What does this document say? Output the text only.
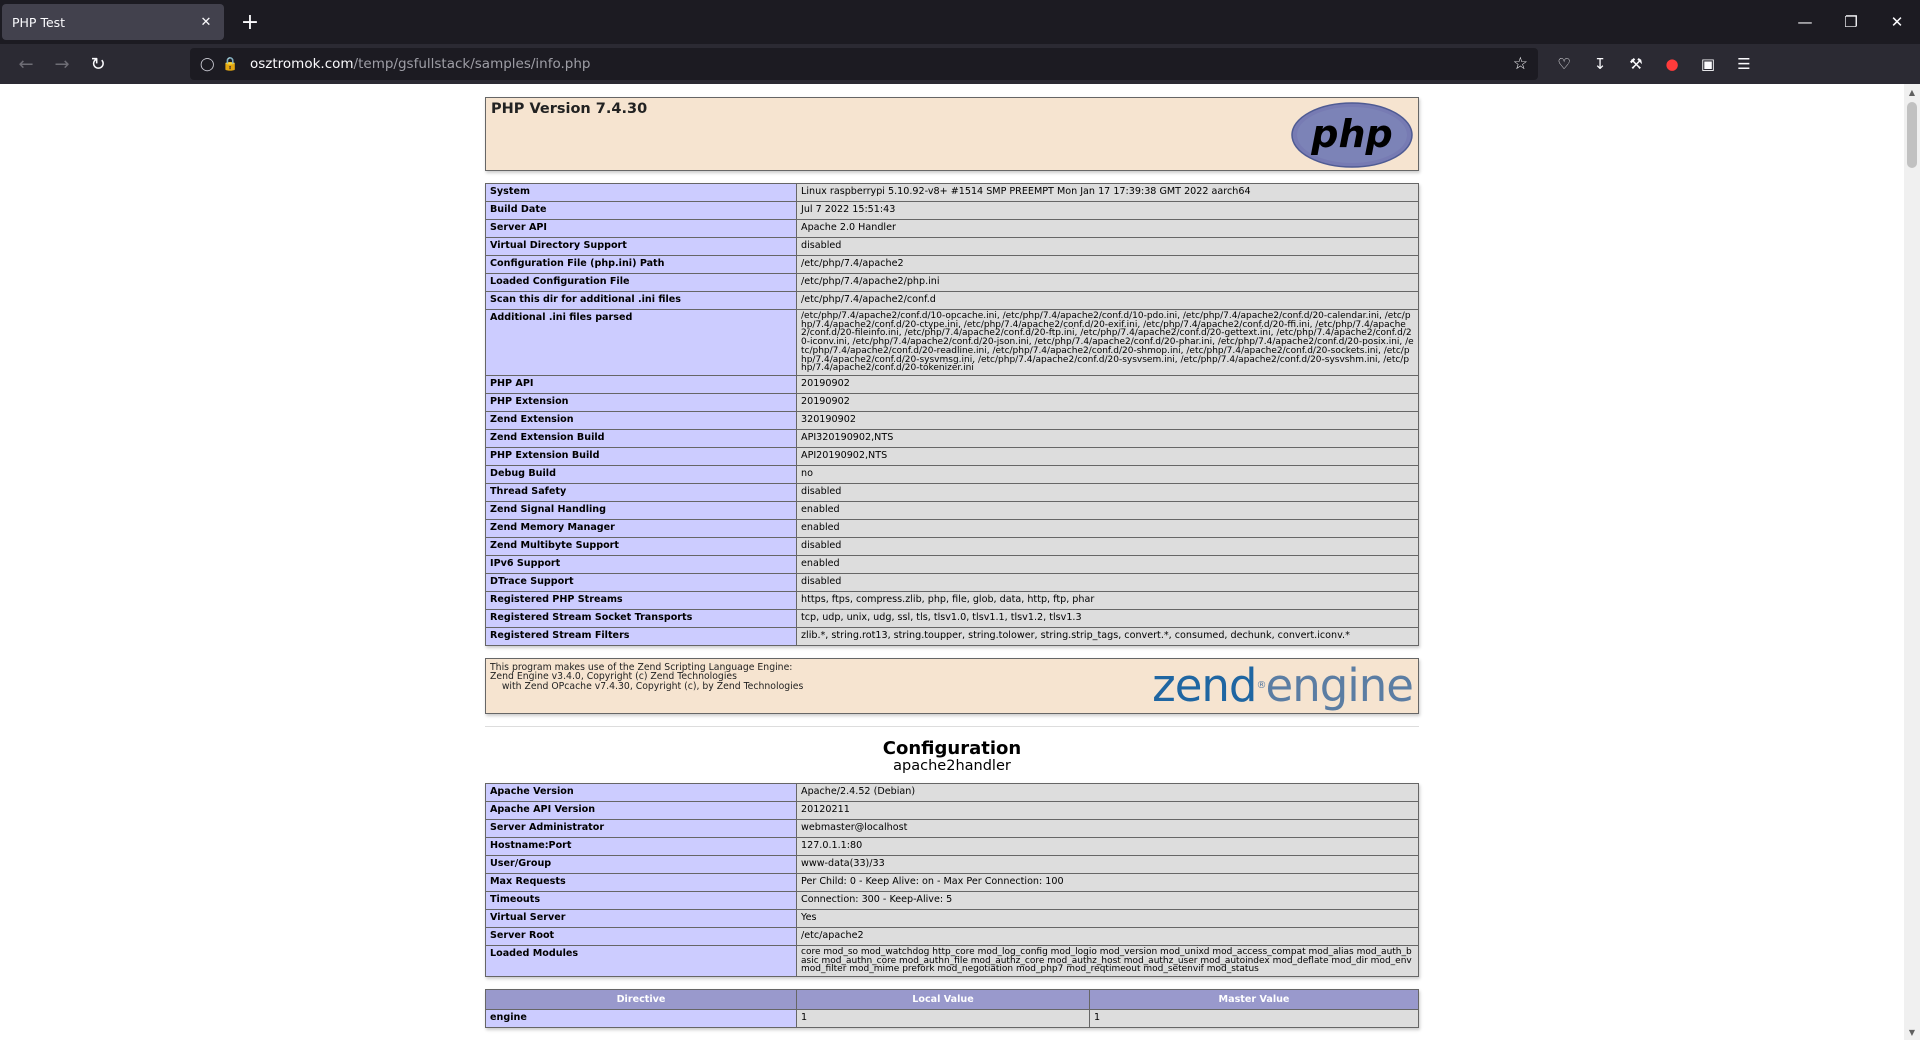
PHP Test	✕	+	—	❐	✕
←	→	↻	◯ 🔒 osztromok.com /temp/gsfullstack/samples/info.php	☆	♡	↧	⚒	●	▣	☰
PHP Version 7.4.30
php
System	Linux raspberrypi 5.10.92-v8+ #1514 SMP PREEMPT Mon Jan 17 17:39:38 GMT 2022 aarch64
Build Date	Jul 7 2022 15:51:43
Server API	Apache 2.0 Handler
Virtual Directory Support	disabled
Configuration File (php.ini) Path	/etc/php/7.4/apache2
Loaded Configuration File	/etc/php/7.4/apache2/php.ini
Scan this dir for additional .ini files	/etc/php/7.4/apache2/conf.d
Additional .ini files parsed	/etc/php/7.4/apache2/conf.d/10-opcache.ini, /etc/php/7.4/apache2/conf.d/10-pdo.ini, /etc/php/7.4/apache2/conf.d/20-calendar.ini, /etc/php/7.4/apache2/conf.d/20-ctype.ini, /etc/php/7.4/apache2/conf.d/20-exif.ini, /etc/php/7.4/apache2/conf.d/20-ffi.ini, /etc/php/7.4/apache2/conf.d/20-fileinfo.ini, /etc/php/7.4/apache2/conf.d/20-ftp.ini, /etc/php/7.4/apache2/conf.d/20-gettext.ini, /etc/php/7.4/apache2/conf.d/20-iconv.ini, /etc/php/7.4/apache2/conf.d/20-json.ini, /etc/php/7.4/apache2/conf.d/20-phar.ini, /etc/php/7.4/apache2/conf.d/20-posix.ini, /etc/php/7.4/apache2/conf.d/20-readline.ini, /etc/php/7.4/apache2/conf.d/20-shmop.ini, /etc/php/7.4/apache2/conf.d/20-sockets.ini, /etc/php/7.4/apache2/conf.d/20-sysvmsg.ini, /etc/php/7.4/apache2/conf.d/20-sysvsem.ini, /etc/php/7.4/apache2/conf.d/20-sysvshm.ini, /etc/php/7.4/apache2/conf.d/20-tokenizer.ini
PHP API	20190902
PHP Extension	20190902
Zend Extension	320190902
Zend Extension Build	API320190902,NTS
PHP Extension Build	API20190902,NTS
Debug Build	no
Thread Safety	disabled
Zend Signal Handling	enabled
Zend Memory Manager	enabled
Zend Multibyte Support	disabled
IPv6 Support	enabled
DTrace Support	disabled
Registered PHP Streams	https, ftps, compress.zlib, php, file, glob, data, http, ftp, phar
Registered Stream Socket Transports	tcp, udp, unix, udg, ssl, tls, tlsv1.0, tlsv1.1, tlsv1.2, tlsv1.3
Registered Stream Filters	zlib.*, string.rot13, string.toupper, string.tolower, string.strip_tags, convert.*, consumed, dechunk, convert.iconv.*
This program makes use of the Zend Scripting Language Engine:
Zend Engine v3.4.0, Copyright (c) Zend Technologies
with Zend OPcache v7.4.30, Copyright (c), by Zend Technologies	zend®engine
Configuration
apache2handler
Apache Version	Apache/2.4.52 (Debian)
Apache API Version	20120211
Server Administrator	webmaster@localhost
Hostname:Port	127.0.1.1:80
User/Group	www-data(33)/33
Max Requests	Per Child: 0 - Keep Alive: on - Max Per Connection: 100
Timeouts	Connection: 300 - Keep-Alive: 5
Virtual Server	Yes
Server Root	/etc/apache2
Loaded Modules	core mod_so mod_watchdog http_core mod_log_config mod_logio mod_version mod_unixd mod_access_compat mod_alias mod_auth_basic mod_authn_core mod_authn_file mod_authz_core mod_authz_host mod_authz_user mod_autoindex mod_deflate mod_dir mod_env mod_filter mod_mime prefork mod_negotiation mod_php7 mod_reqtimeout mod_setenvif mod_status
Directive	Local Value	Master Value
engine	1	1
▲
▼
